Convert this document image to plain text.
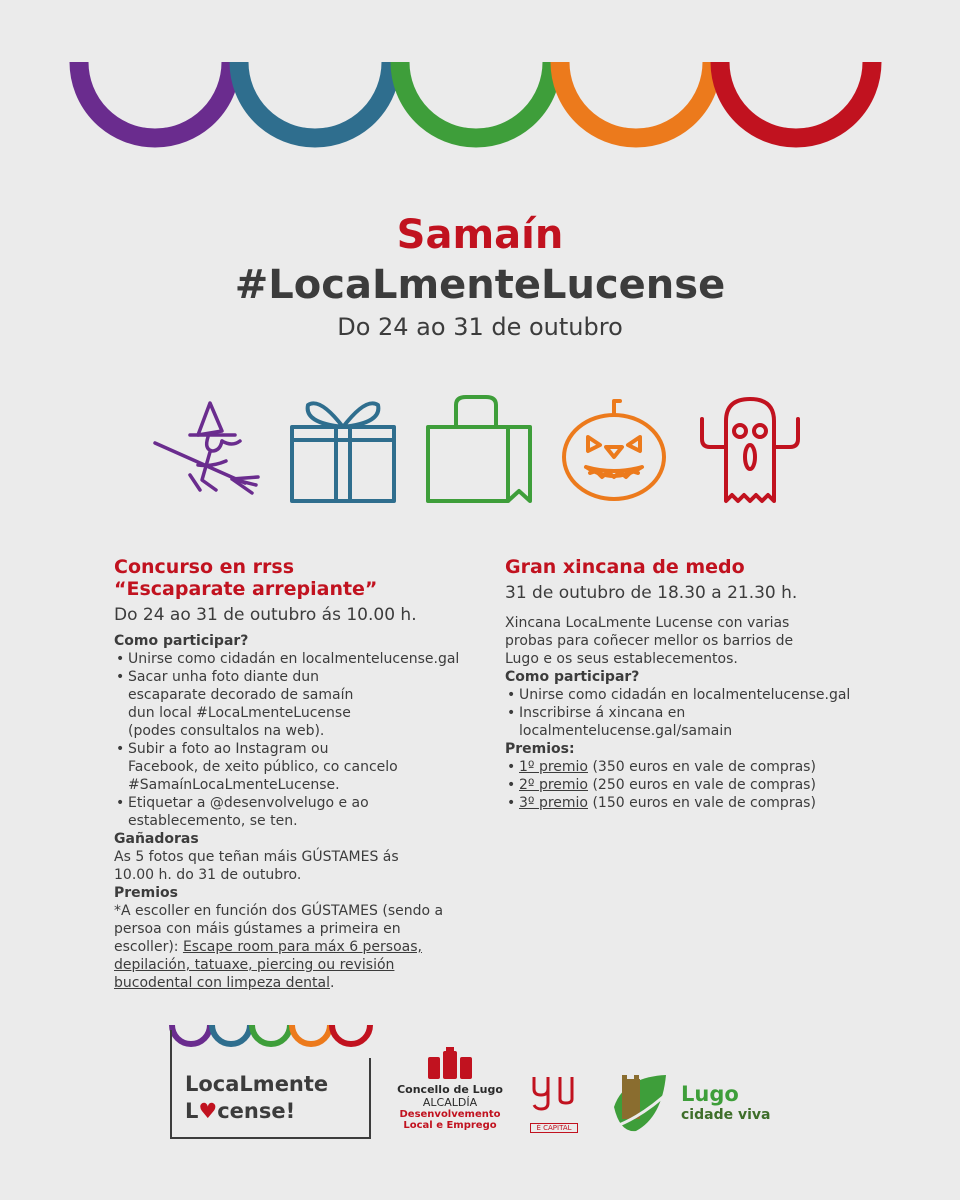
Samaín
#LocaLmenteLucense
Do 24 ao 31 de outubro
Concurso en rrss
“Escaparate arrepiante”
Do 24 ao 31 de outubro ás 10.00 h.
Como participar?
• Unirse como cidadán en localmentelucense.gal
• Sacar unha foto diante dun escaparate decorado de samaín dun local #LocaLmenteLucense (podes consultalos na web).
• Subir a foto ao Instagram ou Facebook, de xeito público, co cancelo #SamaínLocaLmenteLucense.
• Etiquetar a @desenvolvelugo e ao establecemento, se ten.
Gañadoras
As 5 fotos que teñan máis GÚSTAMES ás 10.00 h. do 31 de outubro.
Premios
*A escoller en función dos GÚSTAMES (sendo a persoa con máis gústames a primeira en escoller): Escape room para máx 6 persoas, depilación, tatuaxe, piercing ou revisión bucodental con limpeza dental.
Gran xincana de medo
31 de outubro de 18.30 a 21.30 h.
Xincana LocaLmente Lucense con varias probas para coñecer mellor os barrios de Lugo e os seus establecementos.
Como participar?
• Unirse como cidadán en localmentelucense.gal
• Inscribirse á xincana en localmentelucense.gal/samain
Premios:
• 1º premio (350 euros en vale de compras)
• 2º premio (250 euros en vale de compras)
• 3º premio (150 euros en vale de compras)
LocaLmente
L♥cense!
Concello de Lugo
ALCALDÍA
Desenvolvemento
Local e Emprego	É CAPITAL
Lugo
cidade viva
